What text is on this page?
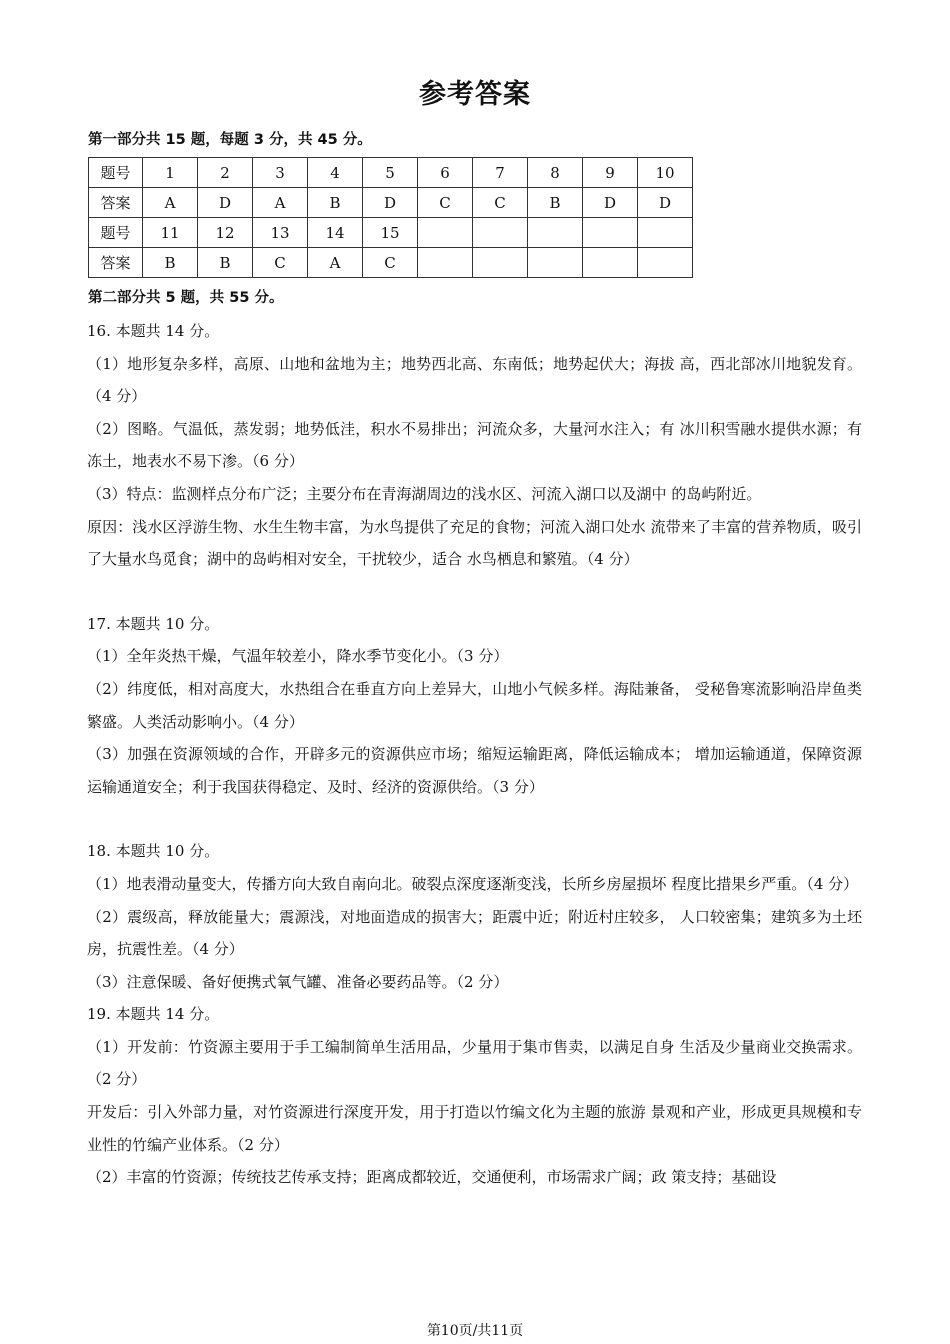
参考答案
第一部分共 15 题，每题 3 分，共 45 分。
题号	1	2	3	4	5	6	7	8	9	10
答案	A	D	A	B	D	C	C	B	D	D
题号	11	12	13	14	15					
答案	B	B	C	A	C					
第二部分共 5 题，共 55 分。

16. 本题共 14 分。

（1）地形复杂多样，高原、山地和盆地为主；地势西北高、东南低；地势起伏大；海拔 高，西北部冰川地貌发育。（4 分）

（2）图略。气温低，蒸发弱；地势低洼，积水不易排出；河流众多，大量河水注入；有 冰川积雪融水提供水源；有冻土，地表水不易下渗。（6 分）

（3）特点：监测样点分布广泛；主要分布在青海湖周边的浅水区、河流入湖口以及湖中 的岛屿附近。

原因：浅水区浮游生物、水生生物丰富，为水鸟提供了充足的食物；河流入湖口处水 流带来了丰富的营养物质，吸引了大量水鸟觅食；湖中的岛屿相对安全，干扰较少，适合 水鸟栖息和繁殖。（4 分）

17. 本题共 10 分。

（1）全年炎热干燥，气温年较差小，降水季节变化小。（3 分）

（2）纬度低，相对高度大，水热组合在垂直方向上差异大，山地小气候多样。海陆兼备， 受秘鲁寒流影响沿岸鱼类繁盛。人类活动影响小。（4 分）

（3）加强在资源领域的合作，开辟多元的资源供应市场；缩短运输距离，降低运输成本； 增加运输通道，保障资源运输通道安全；利于我国获得稳定、及时、经济的资源供给。（3 分）

18. 本题共 10 分。

（1）地表滑动量变大，传播方向大致自南向北。破裂点深度逐渐变浅，长所乡房屋损坏 程度比措果乡严重。（4 分）

（2）震级高，释放能量大；震源浅，对地面造成的损害大；距震中近；附近村庄较多， 人口较密集；建筑多为土坯房，抗震性差。（4 分）

（3）注意保暖、备好便携式氧气罐、准备必要药品等。（2 分）

19. 本题共 14 分。

（1）开发前：竹资源主要用于手工编制简单生活用品，少量用于集市售卖，以满足自身 生活及少量商业交换需求。（2 分）

开发后：引入外部力量，对竹资源进行深度开发，用于打造以竹编文化为主题的旅游 景观和产业，形成更具规模和专业性的竹编产业体系。（2 分）

（2）丰富的竹资源；传统技艺传承支持；距离成都较近，交通便利，市场需求广阔；政 策支持；基础设

第10页/共11页
